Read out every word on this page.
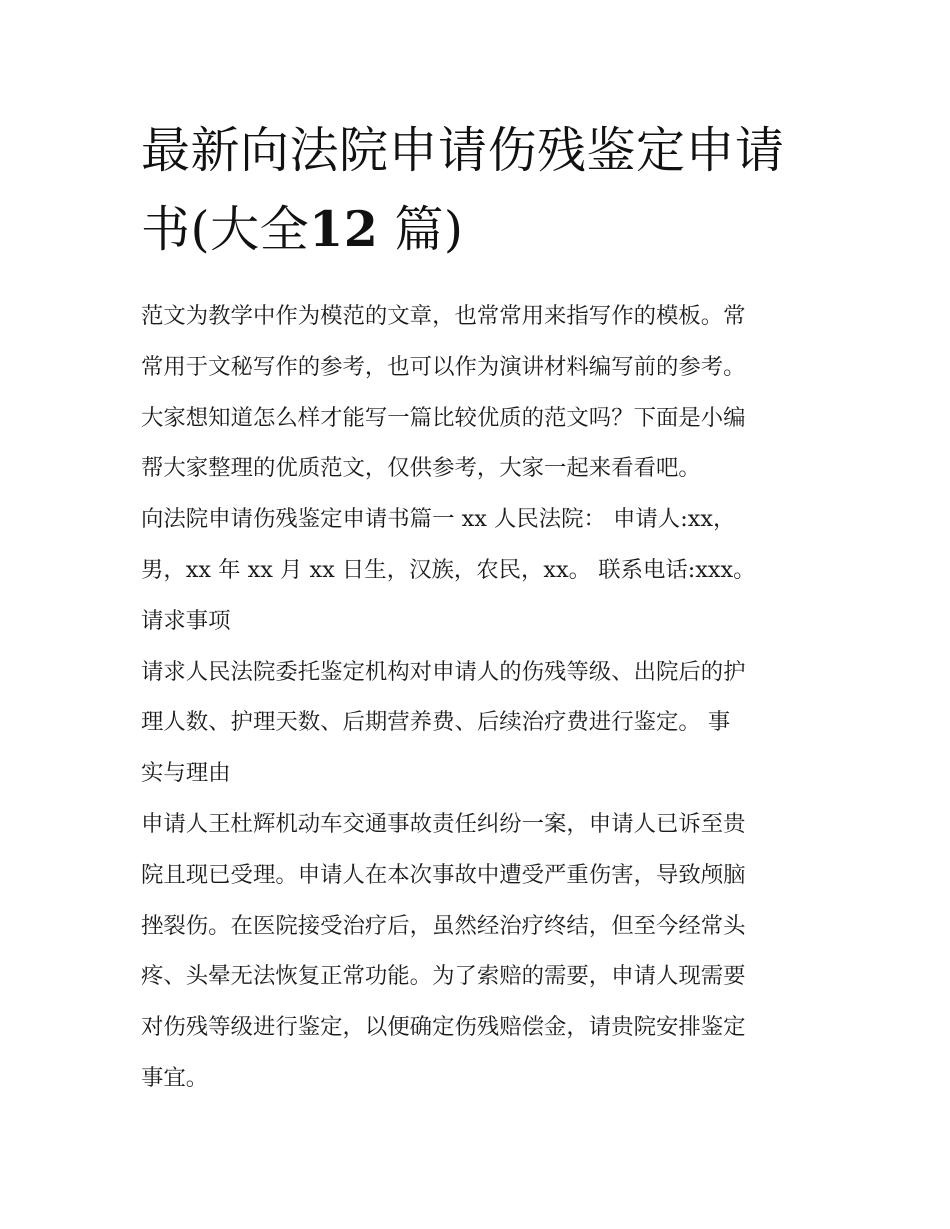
最新向法院申请伤残鉴定申请
书(大全12 篇)
范文为教学中作为模范的文章，也常常用来指写作的模板。常
常用于文秘写作的参考，也可以作为演讲材料编写前的参考。
大家想知道怎么样才能写一篇比较优质的范文吗？下面是小编
帮大家整理的优质范文，仅供参考，大家一起来看看吧。
向法院申请伤残鉴定申请书篇一 xx 人民法院： 申请人:xx，
男，xx 年 xx 月 xx 日生，汉族，农民，xx。 联系电话:xxx。
请求事项
请求人民法院委托鉴定机构对申请人的伤残等级、出院后的护
理人数、护理天数、后期营养费、后续治疗费进行鉴定。 事
实与理由
申请人王杜辉机动车交通事故责任纠纷一案，申请人已诉至贵
院且现已受理。申请人在本次事故中遭受严重伤害，导致颅脑
挫裂伤。在医院接受治疗后，虽然经治疗终结，但至今经常头
疼、头晕无法恢复正常功能。为了索赔的需要，申请人现需要
对伤残等级进行鉴定，以便确定伤残赔偿金，请贵院安排鉴定
事宜。
